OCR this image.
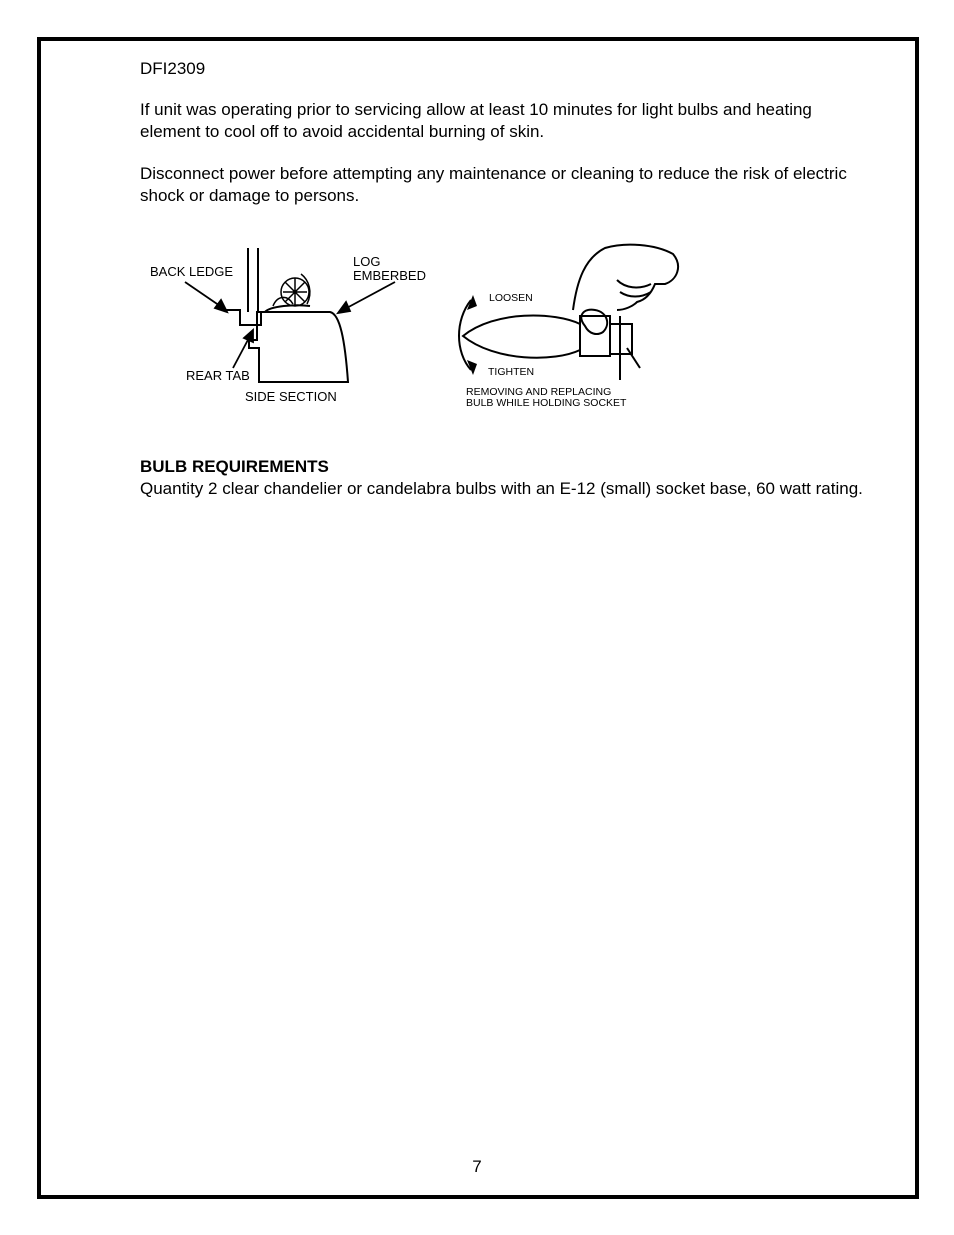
DFI2309
If unit was operating prior to servicing allow at least 10 minutes for light bulbs and heating element to cool off to avoid accidental burning of skin.
Disconnect power before attempting any maintenance or cleaning to reduce the risk of electric shock or damage to persons.
BACK LEDGE
LOG
EMBERBED
REAR TAB
SIDE SECTION
LOOSEN
TIGHTEN
REMOVING AND REPLACING
BULB WHILE HOLDING SOCKET
BULB REQUIREMENTS
Quantity 2 clear chandelier or candelabra bulbs with an E-12 (small) socket base, 60 watt rating.
7
